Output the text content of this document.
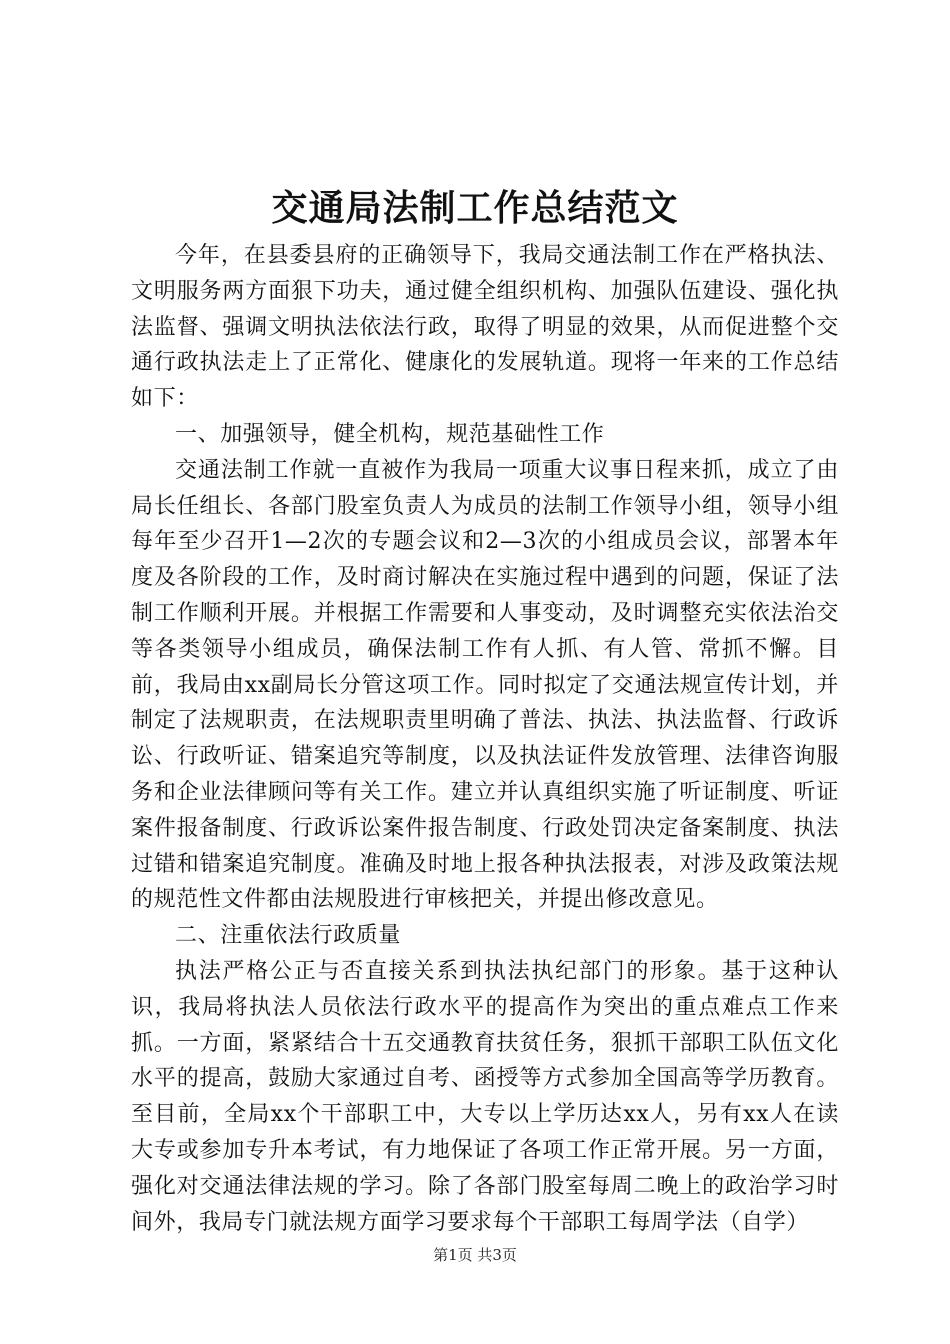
交通局法制工作总结范文

今年，在县委县府的正确领导下，我局交通法制工作在严格执法、文明服务两方面狠下功夫，通过健全组织机构、加强队伍建设、强化执法监督、强调文明执法依法行政，取得了明显的效果，从而促进整个交通行政执法走上了正常化、健康化的发展轨道。现将一年来的工作总结如下：

一、加强领导，健全机构，规范基础性工作

交通法制工作就一直被作为我局一项重大议事日程来抓，成立了由局长任组长、各部门股室负责人为成员的法制工作领导小组，领导小组每年至少召开1—2次的专题会议和2—3次的小组成员会议，部署本年度及各阶段的工作，及时商讨解决在实施过程中遇到的问题，保证了法制工作顺利开展。并根据工作需要和人事变动，及时调整充实依法治交等各类领导小组成员，确保法制工作有人抓、有人管、常抓不懈。目前，我局由xx副局长分管这项工作。同时拟定了交通法规宣传计划，并制定了法规职责，在法规职责里明确了普法、执法、执法监督、行政诉讼、行政听证、错案追究等制度，以及执法证件发放管理、法律咨询服务和企业法律顾问等有关工作。建立并认真组织实施了听证制度、听证案件报备制度、行政诉讼案件报告制度、行政处罚决定备案制度、执法过错和错案追究制度。准确及时地上报各种执法报表，对涉及政策法规的规范性文件都由法规股进行审核把关，并提出修改意见。

二、注重依法行政质量

执法严格公正与否直接关系到执法执纪部门的形象。基于这种认识，我局将执法人员依法行政水平的提高作为突出的重点难点工作来抓。一方面，紧紧结合十五交通教育扶贫任务，狠抓干部职工队伍文化水平的提高，鼓励大家通过自考、函授等方式参加全国高等学历教育。至目前，全局xx个干部职工中，大专以上学历达xx人，另有xx人在读大专或参加专升本考试，有力地保证了各项工作正常开展。另一方面，强化对交通法律法规的学习。除了各部门股室每周二晚上的政治学习时间外，我局专门就法规方面学习要求每个干部职工每周学法（自学）

第1页 共3页
